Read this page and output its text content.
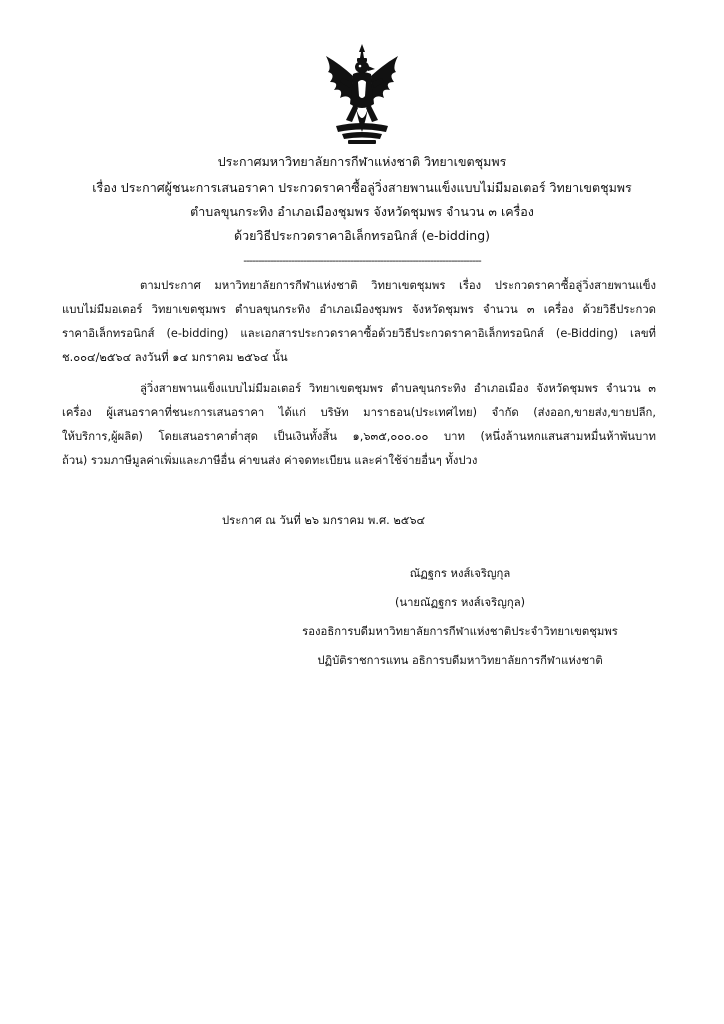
ประกาศมหาวิทยาลัยการกีฬาแห่งชาติ วิทยาเขตชุมพร
เรื่อง ประกาศผู้ชนะการเสนอราคา ประกวดราคาซื้อลู่วิ่งสายพานแข็งแบบไม่มีมอเตอร์ วิทยาเขตชุมพร
ตำบลขุนกระทิง อำเภอเมืองชุมพร จังหวัดชุมพร จำนวน ๓ เครื่อง
ด้วยวิธีประกวดราคาอิเล็กทรอนิกส์ (e-bidding)
--------------------------------------------------------------------------------
ตามประกาศ มหาวิทยาลัยการกีฬาแห่งชาติ วิทยาเขตชุมพร เรื่อง ประกวดราคาซื้อลู่วิ่งสายพานแข็ง
แบบไม่มีมอเตอร์ วิทยาเขตชุมพร ตำบลขุนกระทิง อำเภอเมืองชุมพร จังหวัดชุมพร จำนวน ๓ เครื่อง ด้วยวิธีประกวด
ราคาอิเล็กทรอนิกส์ (e-bidding) และเอกสารประกวดราคาซื้อด้วยวิธีประกวดราคาอิเล็กทรอนิกส์ (e-Bidding) เลขที่
ช.๐๐๔/๒๕๖๔ ลงวันที่ ๑๔ มกราคม ๒๕๖๔ นั้น
ลู่วิ่งสายพานแข็งแบบไม่มีมอเตอร์ วิทยาเขตชุมพร ตำบลขุนกระทิง อำเภอเมือง จังหวัดชุมพร จำนวน ๓
เครื่อง ผู้เสนอราคาที่ชนะการเสนอราคา ได้แก่ บริษัท มาราธอน(ประเทศไทย) จำกัด (ส่งออก,ขายส่ง,ขายปลีก,
ให้บริการ,ผู้ผลิต) โดยเสนอราคาต่ำสุด เป็นเงินทั้งสิ้น ๑,๖๓๕,๐๐๐.๐๐ บาท (หนึ่งล้านหกแสนสามหมื่นห้าพันบาท
ถ้วน) รวมภาษีมูลค่าเพิ่มและภาษีอื่น ค่าขนส่ง ค่าจดทะเบียน และค่าใช้จ่ายอื่นๆ ทั้งปวง
ประกาศ ณ วันที่ ๒๖ มกราคม พ.ศ. ๒๕๖๔
ณัฏฐกร หงส์เจริญกุล
(นายณัฏฐกร หงส์เจริญกุล)
รองอธิการบดีมหาวิทยาลัยการกีฬาแห่งชาติประจำวิทยาเขตชุมพร
ปฏิบัติราชการแทน อธิการบดีมหาวิทยาลัยการกีฬาแห่งชาติ
